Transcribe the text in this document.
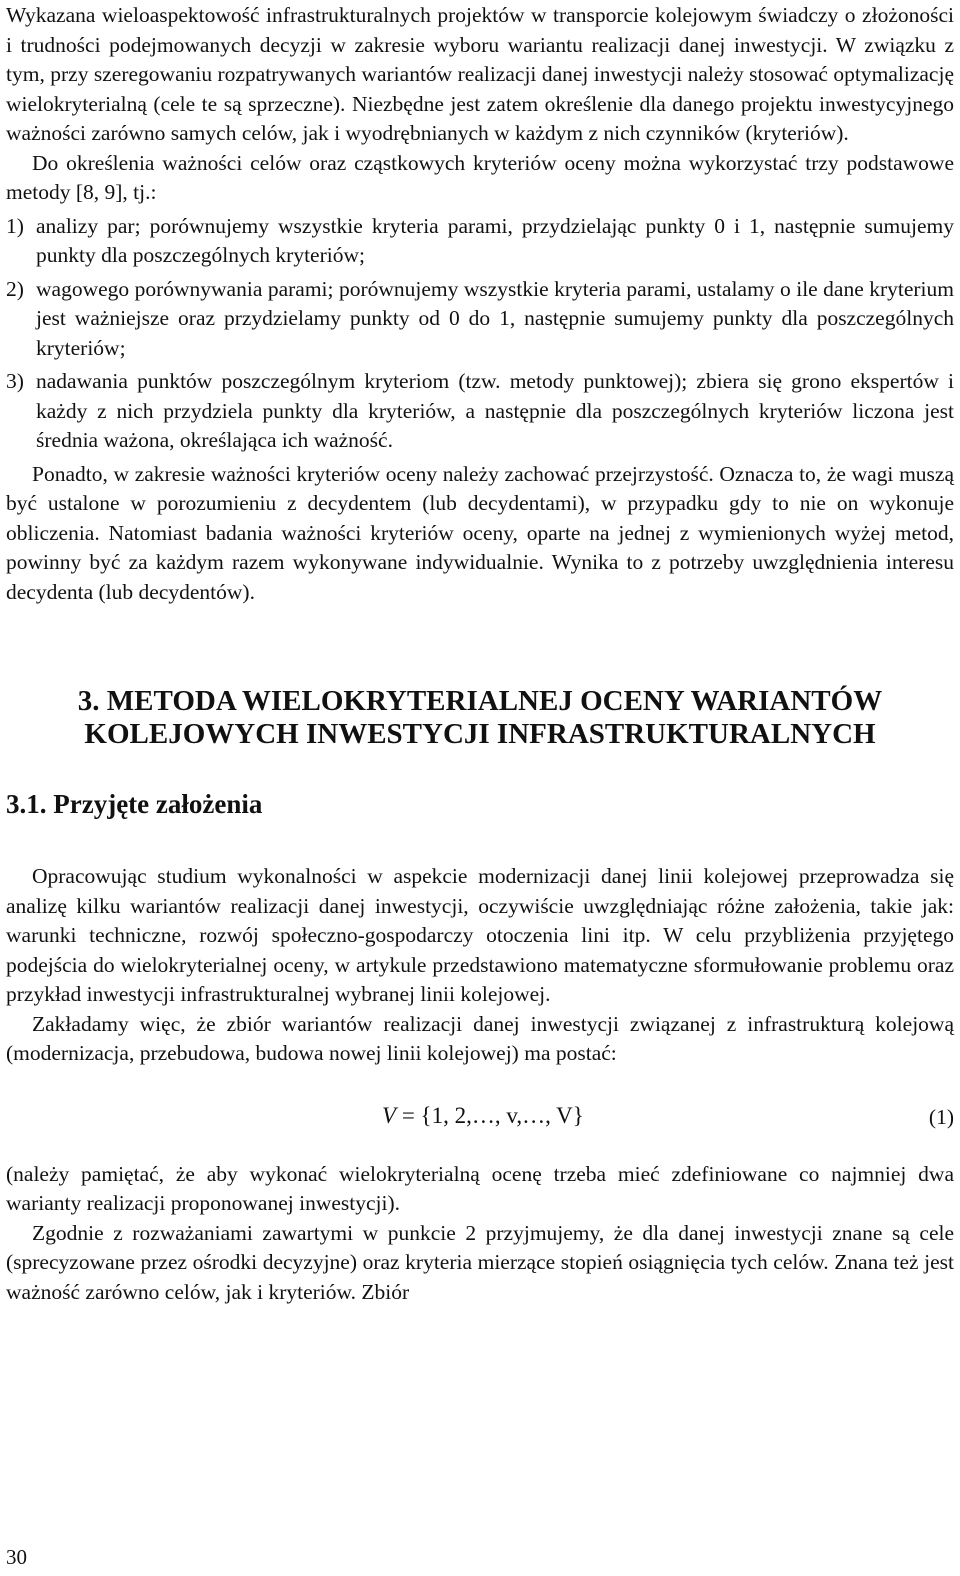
Wykazana wieloaspektowość infrastrukturalnych projektów w transporcie kolejowym świadczy o złożoności i trudności podejmowanych decyzji w zakresie wyboru wariantu realizacji danej inwestycji. W związku z tym, przy szeregowaniu rozpatrywanych wariantów realizacji danej inwestycji należy stosować optymalizację wielokryterialną (cele te są sprzeczne). Niezbędne jest zatem określenie dla danego projektu inwestycyjnego ważności zarówno samych celów, jak i wyodrębnianych w każdym z nich czynników (kryteriów).

Do określenia ważności celów oraz cząstkowych kryteriów oceny można wykorzystać trzy podstawowe metody [8, 9], tj.:

1) analizy par; porównujemy wszystkie kryteria parami, przydzielając punkty 0 i 1, następnie sumujemy punkty dla poszczególnych kryteriów;
2) wagowego porównywania parami; porównujemy wszystkie kryteria parami, ustalamy o ile dane kryterium jest ważniejsze oraz przydzielamy punkty od 0 do 1, następnie sumujemy punkty dla poszczególnych kryteriów;
3) nadawania punktów poszczególnym kryteriom (tzw. metody punktowej); zbiera się grono ekspertów i każdy z nich przydziela punkty dla kryteriów, a następnie dla poszczególnych kryteriów liczona jest średnia ważona, określająca ich ważność.

Ponadto, w zakresie ważności kryteriów oceny należy zachować przejrzystość. Oznacza to, że wagi muszą być ustalone w porozumieniu z decydentem (lub decydentami), w przypadku gdy to nie on wykonuje obliczenia. Natomiast badania ważności kryteriów oceny, oparte na jednej z wymienionych wyżej metod, powinny być za każdym razem wykonywane indywidualnie. Wynika to z potrzeby uwzględnienia interesu decydenta (lub decydentów).

3. METODA WIELOKRYTERIALNEJ OCENY WARIANTÓW
KOLEJOWYCH INWESTYCJI INFRASTRUKTURALNYCH
3.1. Przyjęte założenia

Opracowując studium wykonalności w aspekcie modernizacji danej linii kolejowej przeprowadza się analizę kilku wariantów realizacji danej inwestycji, oczywiście uwzględniając różne założenia, takie jak: warunki techniczne, rozwój społeczno-gospodarczy otoczenia lini itp. W celu przybliżenia przyjętego podejścia do wielokryterialnej oceny, w artykule przedstawiono matematyczne sformułowanie problemu oraz przykład inwestycji infrastrukturalnej wybranej linii kolejowej.

Zakładamy więc, że zbiór wariantów realizacji danej inwestycji związanej z infrastrukturą kolejową (modernizacja, przebudowa, budowa nowej linii kolejowej) ma postać:

V = {1, 2,…, v,…, V}	(1)

(należy pamiętać, że aby wykonać wielokryterialną ocenę trzeba mieć zdefiniowane co najmniej dwa warianty realizacji proponowanej inwestycji).

Zgodnie z rozważaniami zawartymi w punkcie 2 przyjmujemy, że dla danej inwestycji znane są cele (sprecyzowane przez ośrodki decyzyjne) oraz kryteria mierzące stopień osiągnięcia tych celów. Znana też jest ważność zarówno celów, jak i kryteriów. Zbiór

30
